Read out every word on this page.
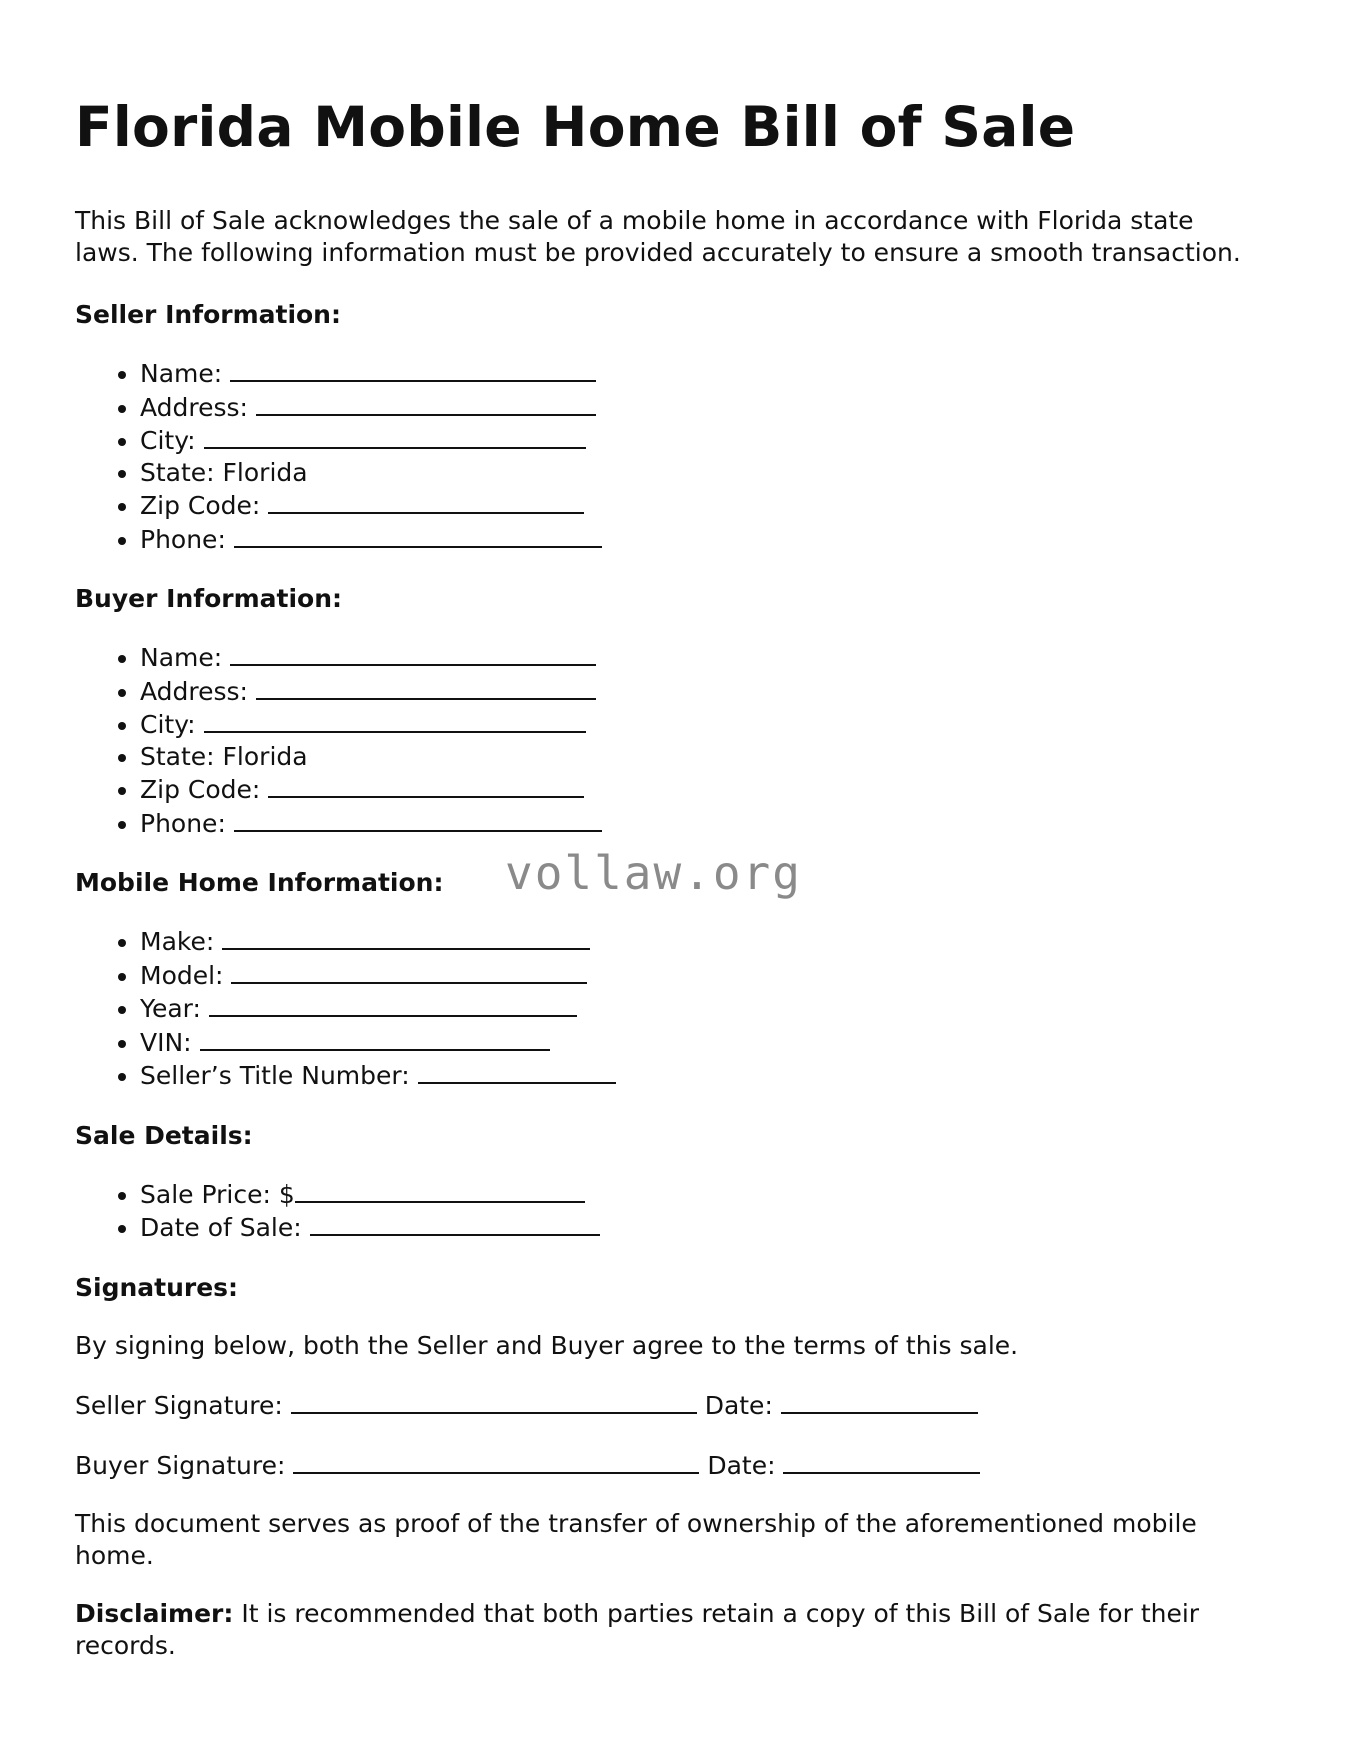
Florida Mobile Home Bill of Sale

This Bill of Sale acknowledges the sale of a mobile home in accordance with Florida state laws. The following information must be provided accurately to ensure a smooth transaction.

Seller Information:
• Name:
• Address:
• City:
• State: Florida
• Zip Code:
• Phone:
Buyer Information:
• Name:
• Address:
• City:
• State: Florida
• Zip Code:
• Phone:
Mobile Home Information:
• Make:
• Model:
• Year:
• VIN:
• Seller’s Title Number:
Sale Details:
• Sale Price: $
• Date of Sale:
Signatures:

By signing below, both the Seller and Buyer agree to the terms of this sale.

Seller Signature:	Date:
Buyer Signature:	Date:

This document serves as proof of the transfer of ownership of the aforementioned mobile home.

Disclaimer: It is recommended that both parties retain a copy of this Bill of Sale for their records.

vollaw.org
